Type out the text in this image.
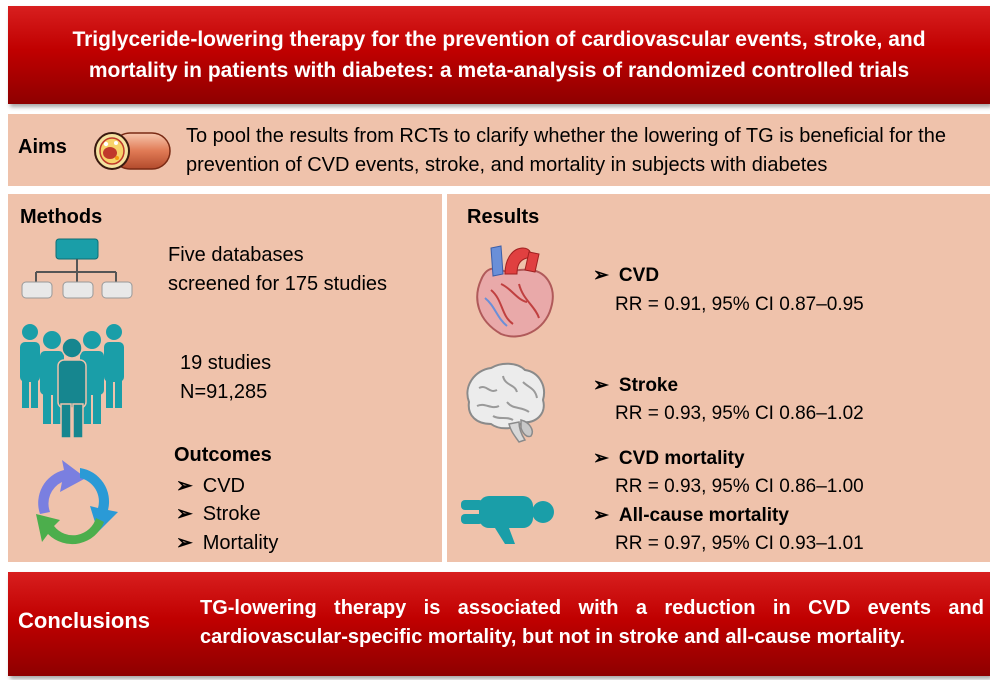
Triglyceride-lowering therapy for the prevention of cardiovascular events, stroke, and
mortality in patients with diabetes: a meta-analysis of randomized controlled trials
Aims	To pool the results from RCTs to clarify whether the lowering of TG is beneficial for the prevention of CVD events, stroke, and mortality in subjects with diabetes
Methods
Five databases
screened for 175 studies
19 studies
N=91,285
Outcomes
➢ CVD
➢ Stroke
➢ Mortality
Results
➢ CVD
RR = 0.91, 95% CI 0.87–0.95
➢ Stroke
RR = 0.93, 95% CI 0.86–1.02
➢ CVD mortality
RR = 0.93, 95% CI 0.86–1.00
➢ All-cause mortality
RR = 0.97, 95% CI 0.93–1.01
Conclusions TG-lowering therapy is associated with a reduction in CVD events and cardiovascular-specific mortality, but not in stroke and all-cause mortality.
